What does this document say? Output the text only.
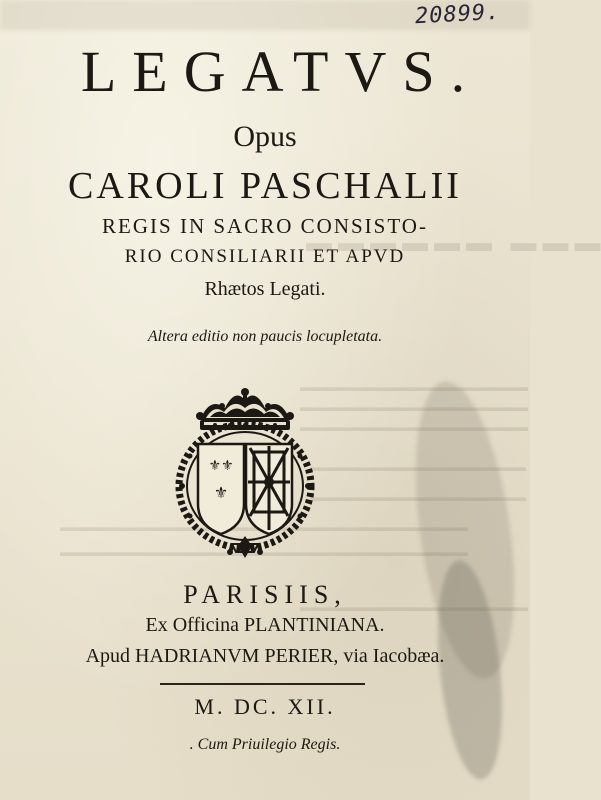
▬▬▬ ▬▬▬▬▬▬
▬▬▬▬▬▬▬▬▬▬▬▬▬▬▬▬▬▬▬
▬▬▬▬▬▬▬▬▬▬▬▬▬▬▬▬▬▬▬
▬▬▬▬▬▬▬▬▬▬▬▬▬▬▬▬▬▬▬
▬▬▬▬▬▬▬▬▬▬▬▬▬▬▬▬▬▬
▬▬▬▬▬▬▬▬▬▬▬▬▬▬▬▬▬▬
▬▬▬▬▬▬▬▬▬▬▬▬▬▬▬▬▬▬▬▬▬▬▬▬▬▬▬▬▬▬▬▬▬▬
▬▬▬▬▬▬▬▬▬▬▬▬▬▬▬▬▬▬▬
20899.
LEGATVS.
Opus
CAROLI PASCHALII
REGIS IN SACRO CONSISTO-
RIO CONSILIARII ET APVD
Rhætos Legati.
Altera editio non paucis locupletata.
⚜⚜
⚜
PARISIIS,
Ex Officina PLANTINIANA.
Apud HADRIANVM PERIER, via Iacobæa.
M. DC. XII.
. Cum Priuilegio Regis.
